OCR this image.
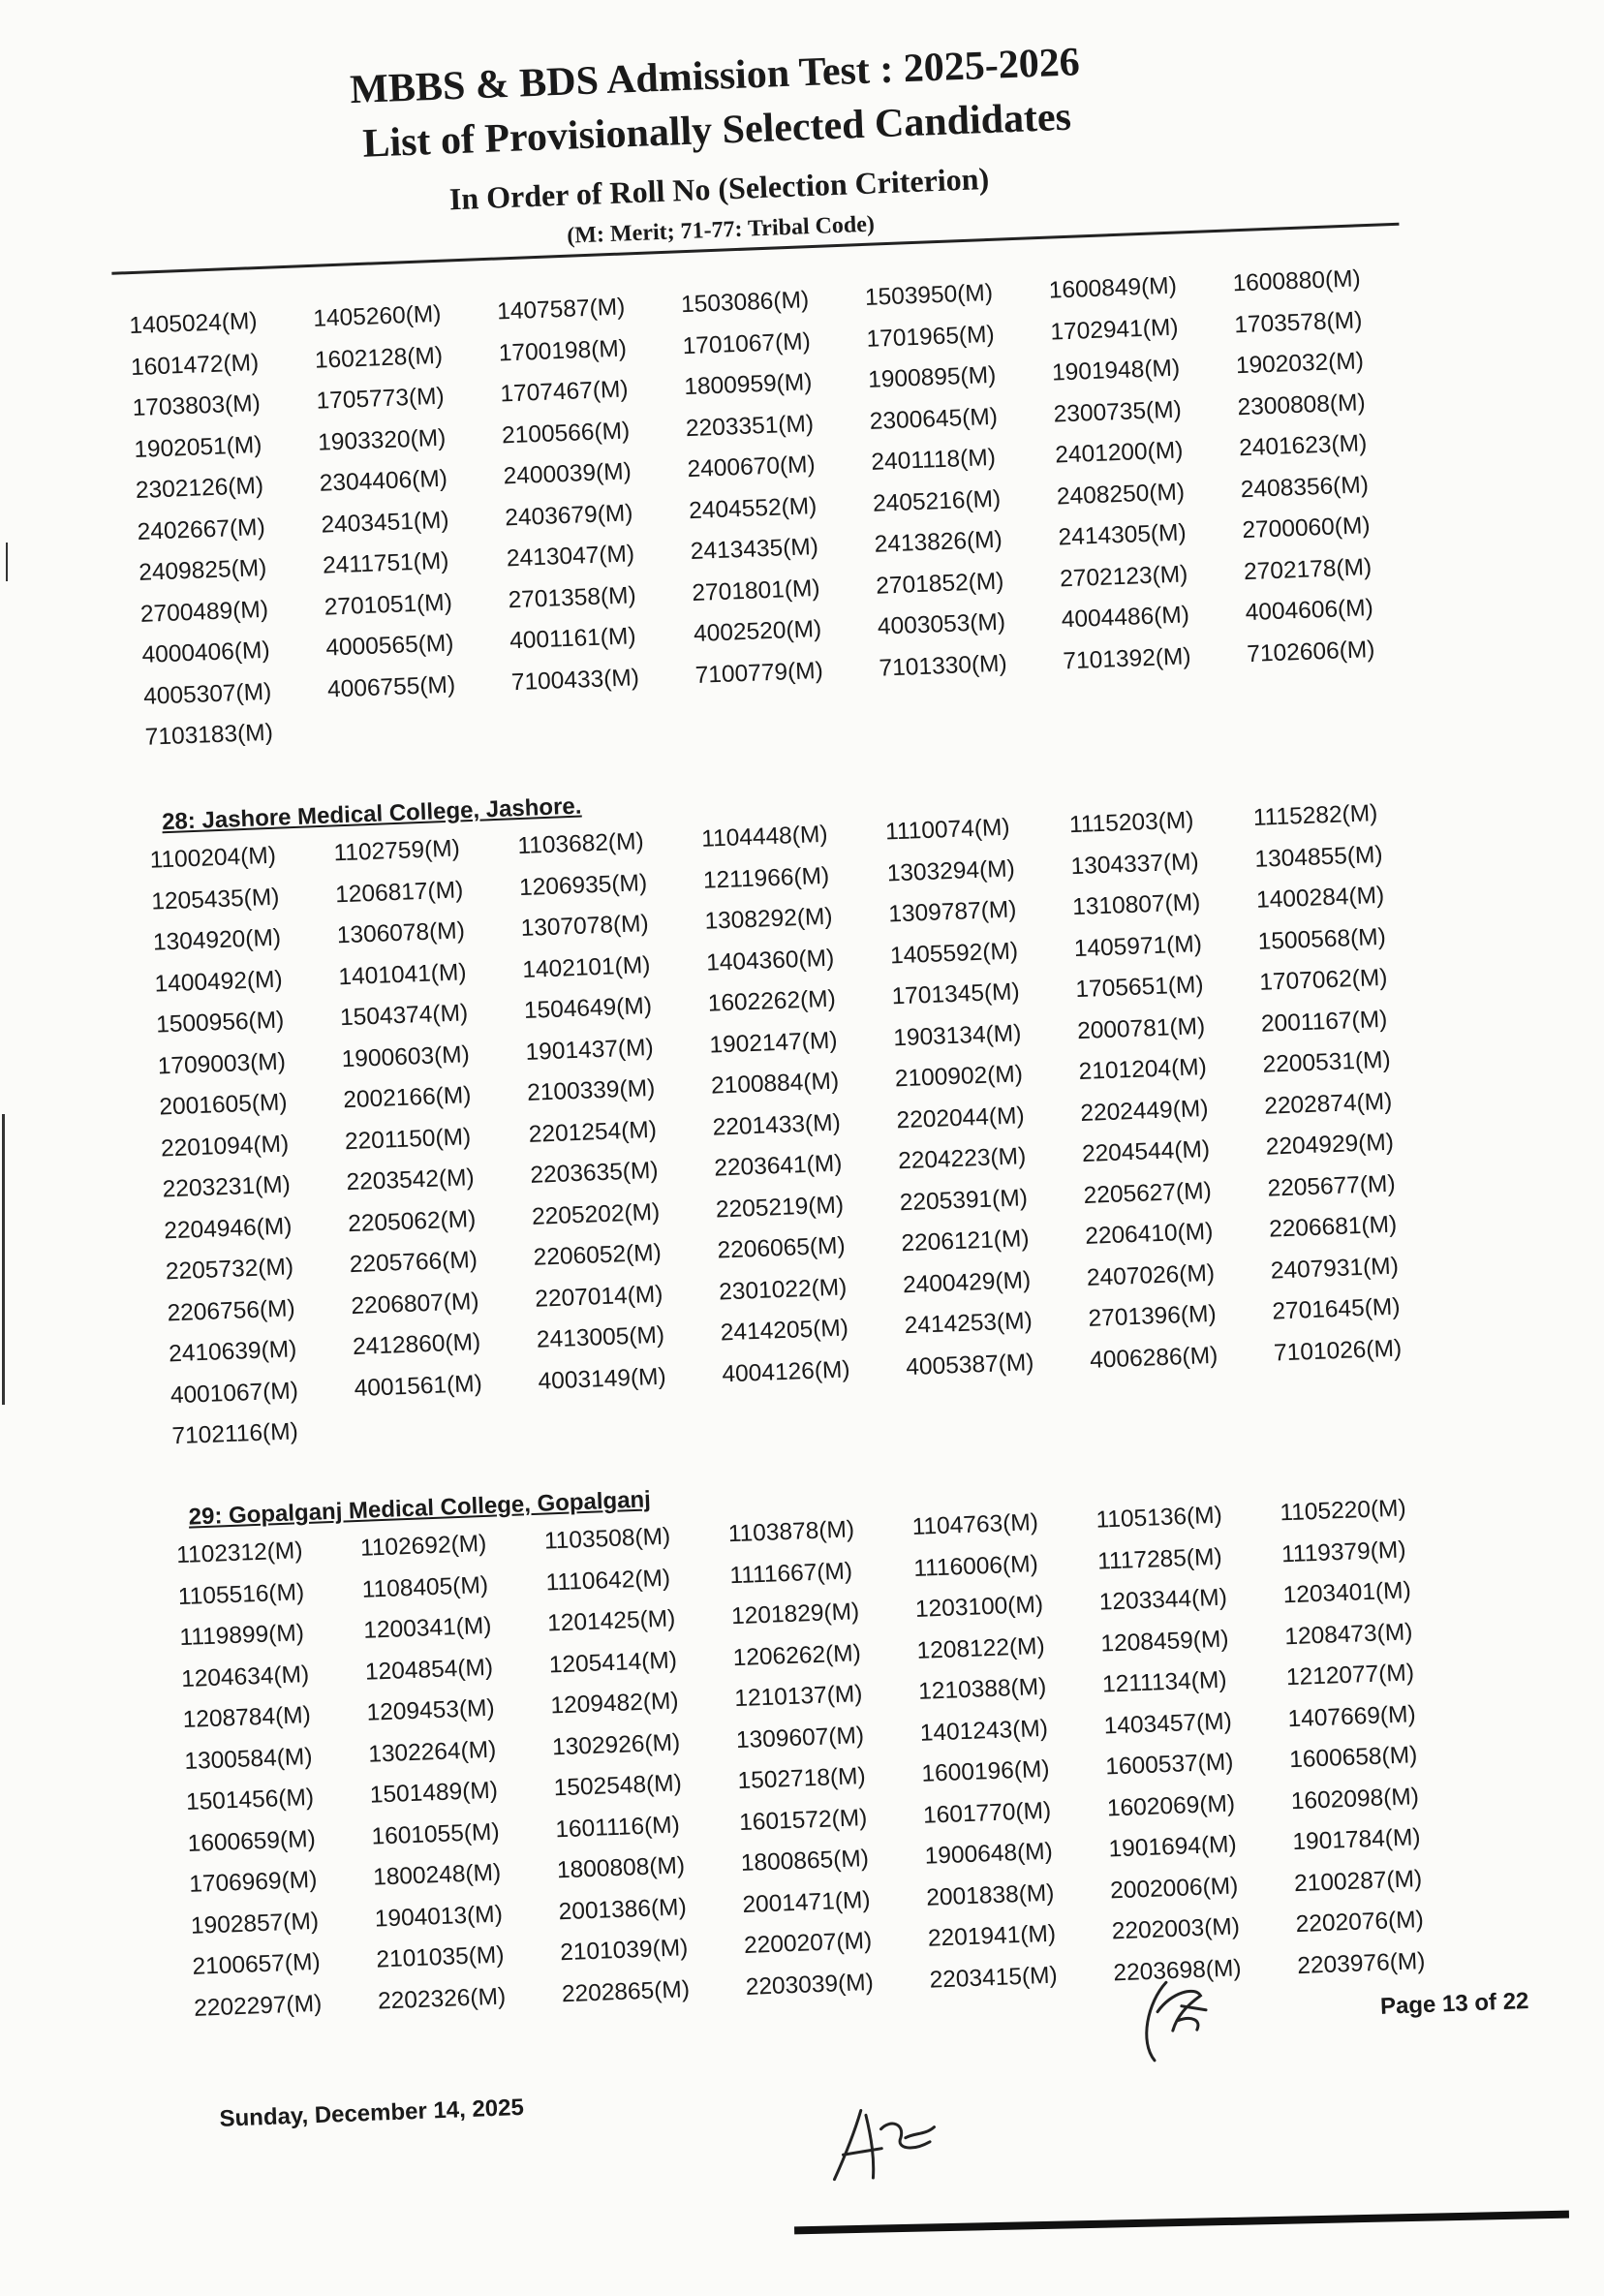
MBBS & BDS Admission Test : 2025-2026
List of Provisionally Selected Candidates
In Order of Roll No (Selection Criterion)
(M: Merit; 71-77: Tribal Code)
1405024(M)	1405260(M)	1407587(M)	1503086(M)	1503950(M)	1600849(M)	1600880(M)
1601472(M)	1602128(M)	1700198(M)	1701067(M)	1701965(M)	1702941(M)	1703578(M)
1703803(M)	1705773(M)	1707467(M)	1800959(M)	1900895(M)	1901948(M)	1902032(M)
1902051(M)	1903320(M)	2100566(M)	2203351(M)	2300645(M)	2300735(M)	2300808(M)
2302126(M)	2304406(M)	2400039(M)	2400670(M)	2401118(M)	2401200(M)	2401623(M)
2402667(M)	2403451(M)	2403679(M)	2404552(M)	2405216(M)	2408250(M)	2408356(M)
2409825(M)	2411751(M)	2413047(M)	2413435(M)	2413826(M)	2414305(M)	2700060(M)
2700489(M)	2701051(M)	2701358(M)	2701801(M)	2701852(M)	2702123(M)	2702178(M)
4000406(M)	4000565(M)	4001161(M)	4002520(M)	4003053(M)	4004486(M)	4004606(M)
4005307(M)	4006755(M)	7100433(M)	7100779(M)	7101330(M)	7101392(M)	7102606(M)
7103183(M)
28: Jashore Medical College, Jashore.
1100204(M)	1102759(M)	1103682(M)	1104448(M)	1110074(M)	1115203(M)	1115282(M)
1205435(M)	1206817(M)	1206935(M)	1211966(M)	1303294(M)	1304337(M)	1304855(M)
1304920(M)	1306078(M)	1307078(M)	1308292(M)	1309787(M)	1310807(M)	1400284(M)
1400492(M)	1401041(M)	1402101(M)	1404360(M)	1405592(M)	1405971(M)	1500568(M)
1500956(M)	1504374(M)	1504649(M)	1602262(M)	1701345(M)	1705651(M)	1707062(M)
1709003(M)	1900603(M)	1901437(M)	1902147(M)	1903134(M)	2000781(M)	2001167(M)
2001605(M)	2002166(M)	2100339(M)	2100884(M)	2100902(M)	2101204(M)	2200531(M)
2201094(M)	2201150(M)	2201254(M)	2201433(M)	2202044(M)	2202449(M)	2202874(M)
2203231(M)	2203542(M)	2203635(M)	2203641(M)	2204223(M)	2204544(M)	2204929(M)
2204946(M)	2205062(M)	2205202(M)	2205219(M)	2205391(M)	2205627(M)	2205677(M)
2205732(M)	2205766(M)	2206052(M)	2206065(M)	2206121(M)	2206410(M)	2206681(M)
2206756(M)	2206807(M)	2207014(M)	2301022(M)	2400429(M)	2407026(M)	2407931(M)
2410639(M)	2412860(M)	2413005(M)	2414205(M)	2414253(M)	2701396(M)	2701645(M)
4001067(M)	4001561(M)	4003149(M)	4004126(M)	4005387(M)	4006286(M)	7101026(M)
7102116(M)
29: Gopalganj Medical College, Gopalganj
1102312(M)	1102692(M)	1103508(M)	1103878(M)	1104763(M)	1105136(M)	1105220(M)
1105516(M)	1108405(M)	1110642(M)	1111667(M)	1116006(M)	1117285(M)	1119379(M)
1119899(M)	1200341(M)	1201425(M)	1201829(M)	1203100(M)	1203344(M)	1203401(M)
1204634(M)	1204854(M)	1205414(M)	1206262(M)	1208122(M)	1208459(M)	1208473(M)
1208784(M)	1209453(M)	1209482(M)	1210137(M)	1210388(M)	1211134(M)	1212077(M)
1300584(M)	1302264(M)	1302926(M)	1309607(M)	1401243(M)	1403457(M)	1407669(M)
1501456(M)	1501489(M)	1502548(M)	1502718(M)	1600196(M)	1600537(M)	1600658(M)
1600659(M)	1601055(M)	1601116(M)	1601572(M)	1601770(M)	1602069(M)	1602098(M)
1706969(M)	1800248(M)	1800808(M)	1800865(M)	1900648(M)	1901694(M)	1901784(M)
1902857(M)	1904013(M)	2001386(M)	2001471(M)	2001838(M)	2002006(M)	2100287(M)
2100657(M)	2101035(M)	2101039(M)	2200207(M)	2201941(M)	2202003(M)	2202076(M)
2202297(M)	2202326(M)	2202865(M)	2203039(M)	2203415(M)	2203698(M)	2203976(M)
Page 13 of 22
Sunday, December 14, 2025
